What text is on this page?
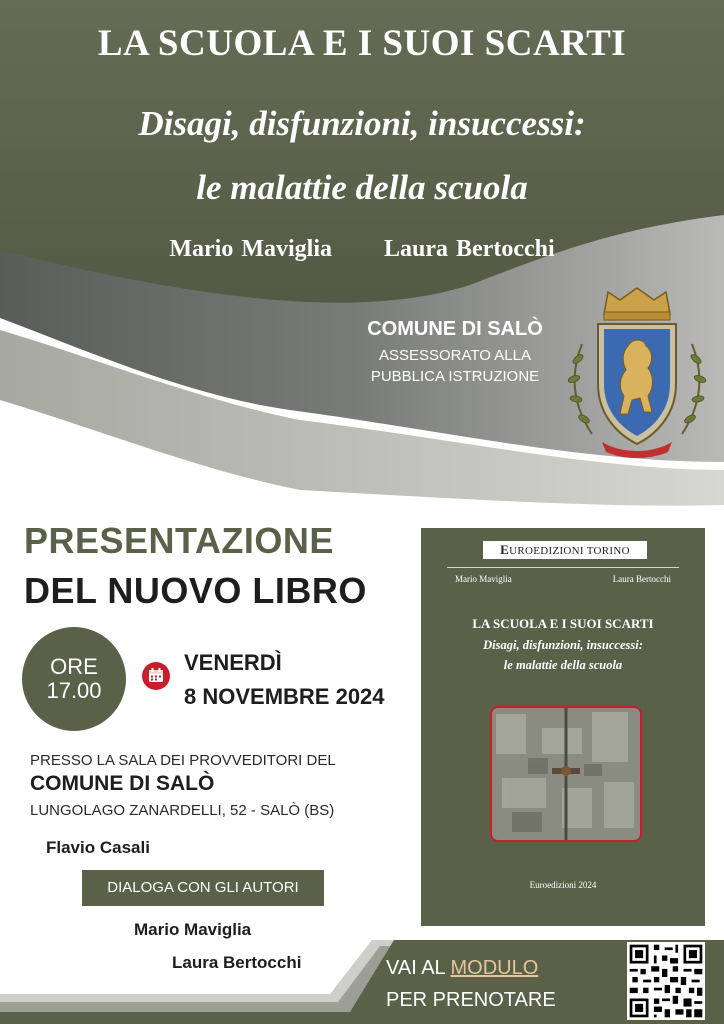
LA SCUOLA E I SUOI SCARTI
Disagi, disfunzioni, insuccessi:
le malattie della scuola
Mario Maviglia Laura Bertocchi
COMUNE DI SALÒ
ASSESSORATO ALLA
PUBBLICA ISTRUZIONE
PRESENTAZIONE
DEL NUOVO LIBRO
ORE
17.00
VENERDÌ
8 NOVEMBRE 2024
PRESSO LA SALA DEI PROVVEDITORI DEL
COMUNE DI SALÒ
LUNGOLAGO ZANARDELLI, 52 - SALÒ (BS)
Flavio Casali
DIALOGA CON GLI AUTORI
Mario Maviglia
Laura Bertocchi
EUROEDIZIONI TORINO
Mario Maviglia	Laura Bertocchi
LA SCUOLA E I SUOI SCARTI
Disagi, disfunzioni, insuccessi:
le malattie della scuola
Euroedizioni 2024
VAI AL MODULO
PER PRENOTARE
